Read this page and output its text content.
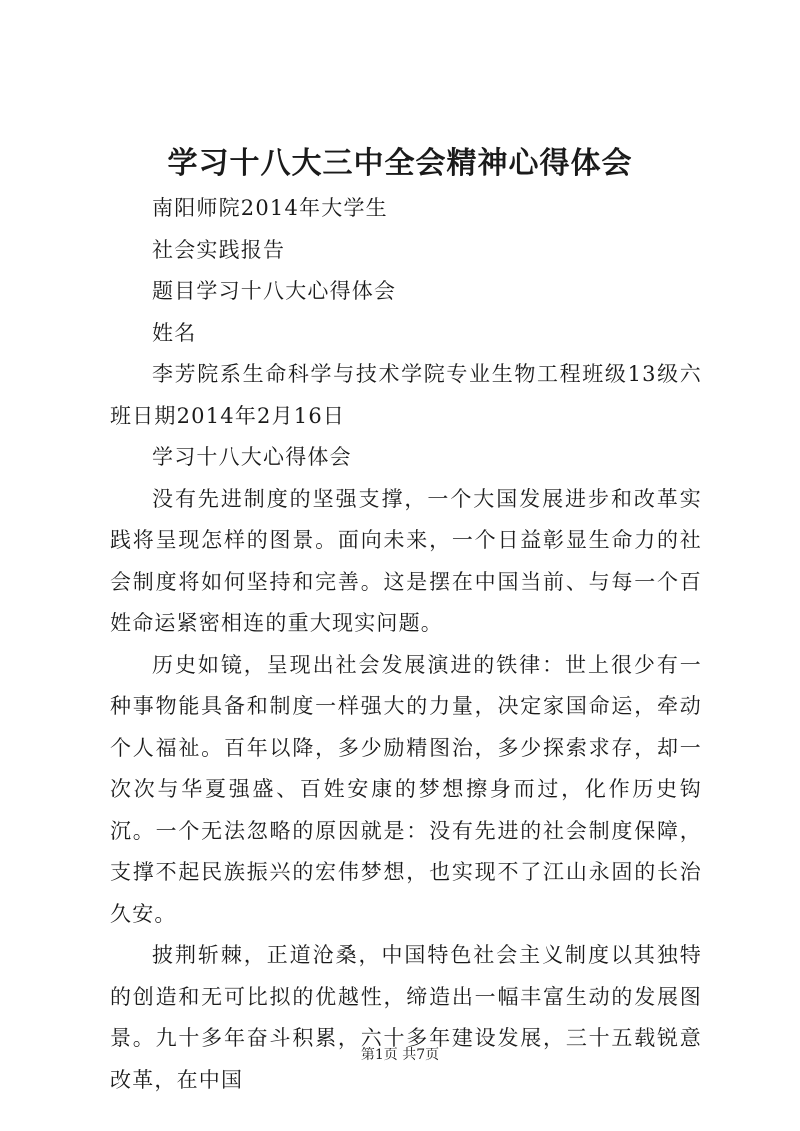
学习十八大三中全会精神心得体会

南阳师院2014年大学生

社会实践报告

题目学习十八大心得体会

姓名

李芳院系生命科学与技术学院专业生物工程班级13级六班日期2014年2月16日

学习十八大心得体会

没有先进制度的坚强支撑，一个大国发展进步和改革实践将呈现怎样的图景。面向未来，一个日益彰显生命力的社会制度将如何坚持和完善。这是摆在中国当前、与每一个百姓命运紧密相连的重大现实问题。

历史如镜，呈现出社会发展演进的铁律：世上很少有一种事物能具备和制度一样强大的力量，决定家国命运，牵动个人福祉。百年以降，多少励精图治，多少探索求存，却一次次与华夏强盛、百姓安康的梦想擦身而过，化作历史钩沉。一个无法忽略的原因就是：没有先进的社会制度保障，支撑不起民族振兴的宏伟梦想，也实现不了江山永固的长治久安。

披荆斩棘，正道沧桑，中国特色社会主义制度以其独特的创造和无可比拟的优越性，缔造出一幅丰富生动的发展图景。九十多年奋斗积累，六十多年建设发展，三十五载锐意改革，在中国

第1页 共7页
